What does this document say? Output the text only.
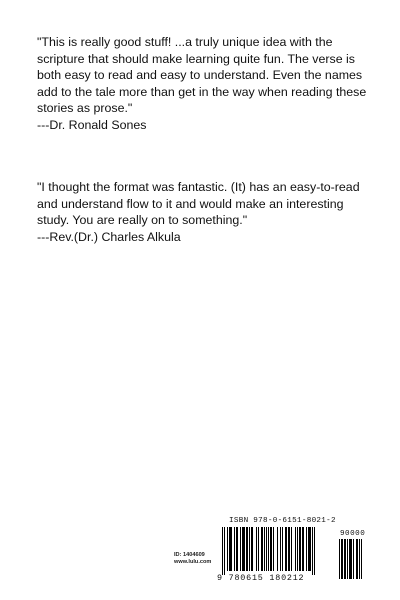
"This is really good stuff! ...a truly unique idea with the scripture that should make learning quite fun. The verse is both easy to read and easy to understand. Even the names add to the tale more than get in the way when reading these stories as prose."

---Dr. Ronald Sones

"I thought the format was fantastic. (It) has an easy-to-read and understand flow to it and would make an interesting study. You are really on to something."

---Rev.(Dr.) Charles Alkula

ISBN 978-0-6151-8021-2
ID: 1404609
www.lulu.com
90000
9 780615 180212
